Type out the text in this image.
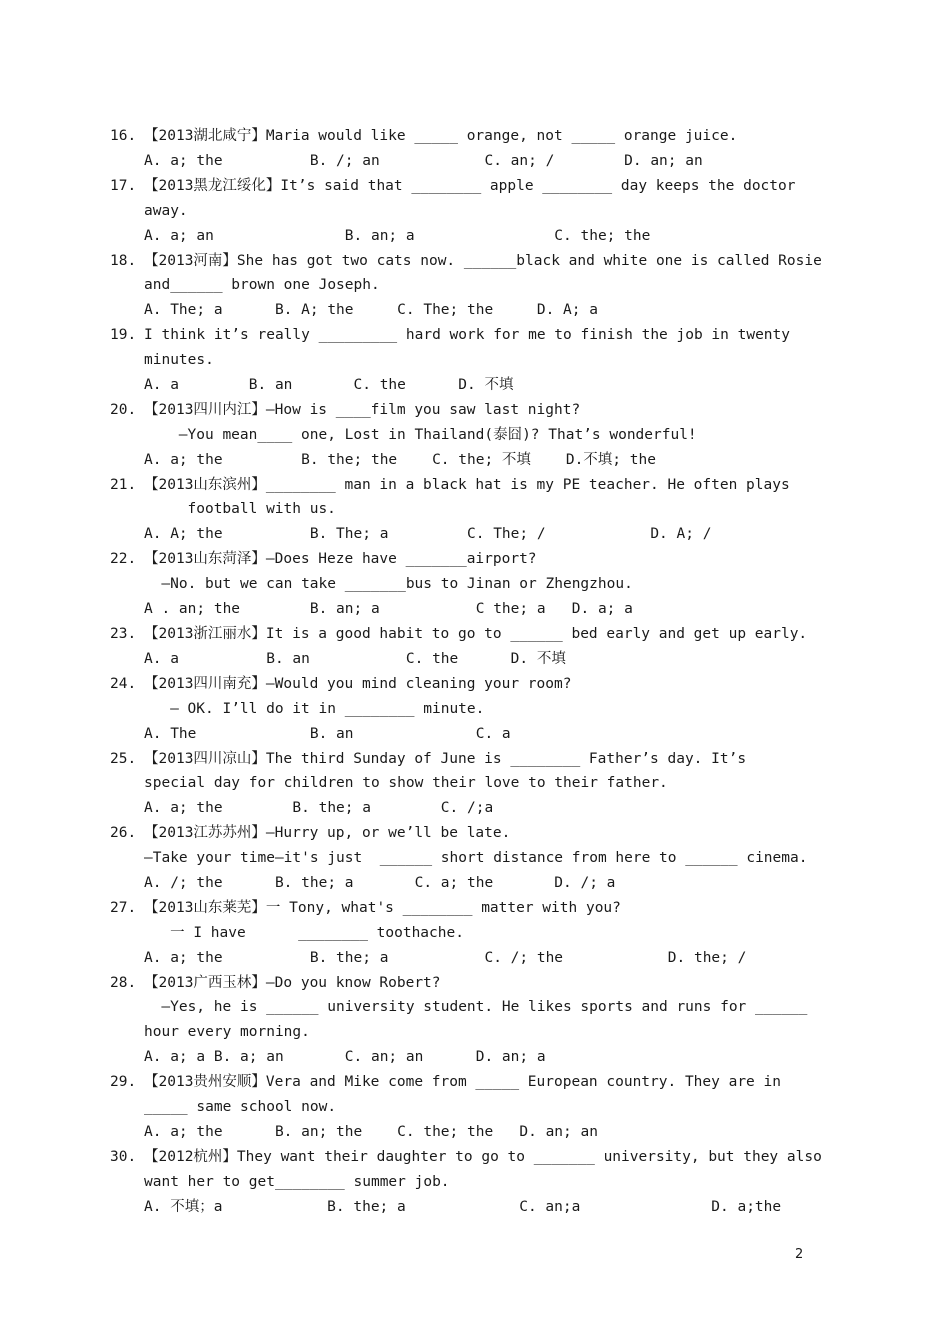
16. 【2013湖北咸宁】Maria would like _____ orange, not _____ orange juice.
A. a; the          B. /; an            C. an; /        D. an; an
17. 【2013黑龙江绥化】It’s said that ________ apple ________ day keeps the doctor
away.
A. a; an               B. an; a                C. the; the
18. 【2013河南】She has got two cats now. ______black and white one is called Rosie
and______ brown one Joseph.
A. The; a      B. A; the     C. The; the     D. A; a
19. I think it’s really _________ hard work for me to finish the job in twenty
minutes.
A. a        B. an       C. the      D. 不填
20. 【2013四川内江】—How is ____film you saw last night?
—You mean____ one, Lost in Thailand(泰囧)? That’s wonderful!
A. a; the         B. the; the    C. the; 不填    D.不填; the
21. 【2013山东滨州】________ man in a black hat is my PE teacher. He often plays
football with us.
A. A; the          B. The; a         C. The; /            D. A; /
22. 【2013山东菏泽】—Does Heze have _______airport?
—No. but we can take _______bus to Jinan or Zhengzhou.
A . an; the        B. an; a           C the; a   D. a; a
23. 【2013浙江丽水】It is a good habit to go to ______ bed early and get up early.
A. a          B. an           C. the      D. 不填
24. 【2013四川南充】—Would you mind cleaning your room?
— OK. I’ll do it in ________ minute.
A. The             B. an              C. a
25. 【2013四川凉山】The third Sunday of June is ________ Father’s day. It’s
special day for children to show their love to their father.
A. a; the        B. the; a        C. /;a
26. 【2013江苏苏州】—Hurry up, or we’ll be late.
—Take your time—it's just  ______ short distance from here to ______ cinema.
A. /; the      B. the; a       C. a; the       D. /; a
27. 【2013山东莱芜】一 Tony, what's ________ matter with you?
一 I have      ________ toothache.
A. a; the          B. the; a           C. /; the            D. the; /
28. 【2013广西玉林】—Do you know Robert?
—Yes, he is ______ university student. He likes sports and runs for ______
hour every morning.
A. a; a B. a; an       C. an; an      D. an; a
29. 【2013贵州安顺】Vera and Mike come from _____ European country. They are in
_____ same school now.
A. a; the      B. an; the    C. the; the   D. an; an
30. 【2012杭州】They want their daughter to go to _______ university, but they also
want her to get________ summer job.
A. 不填；a            B. the; a             C. an;a               D. a;the
2
